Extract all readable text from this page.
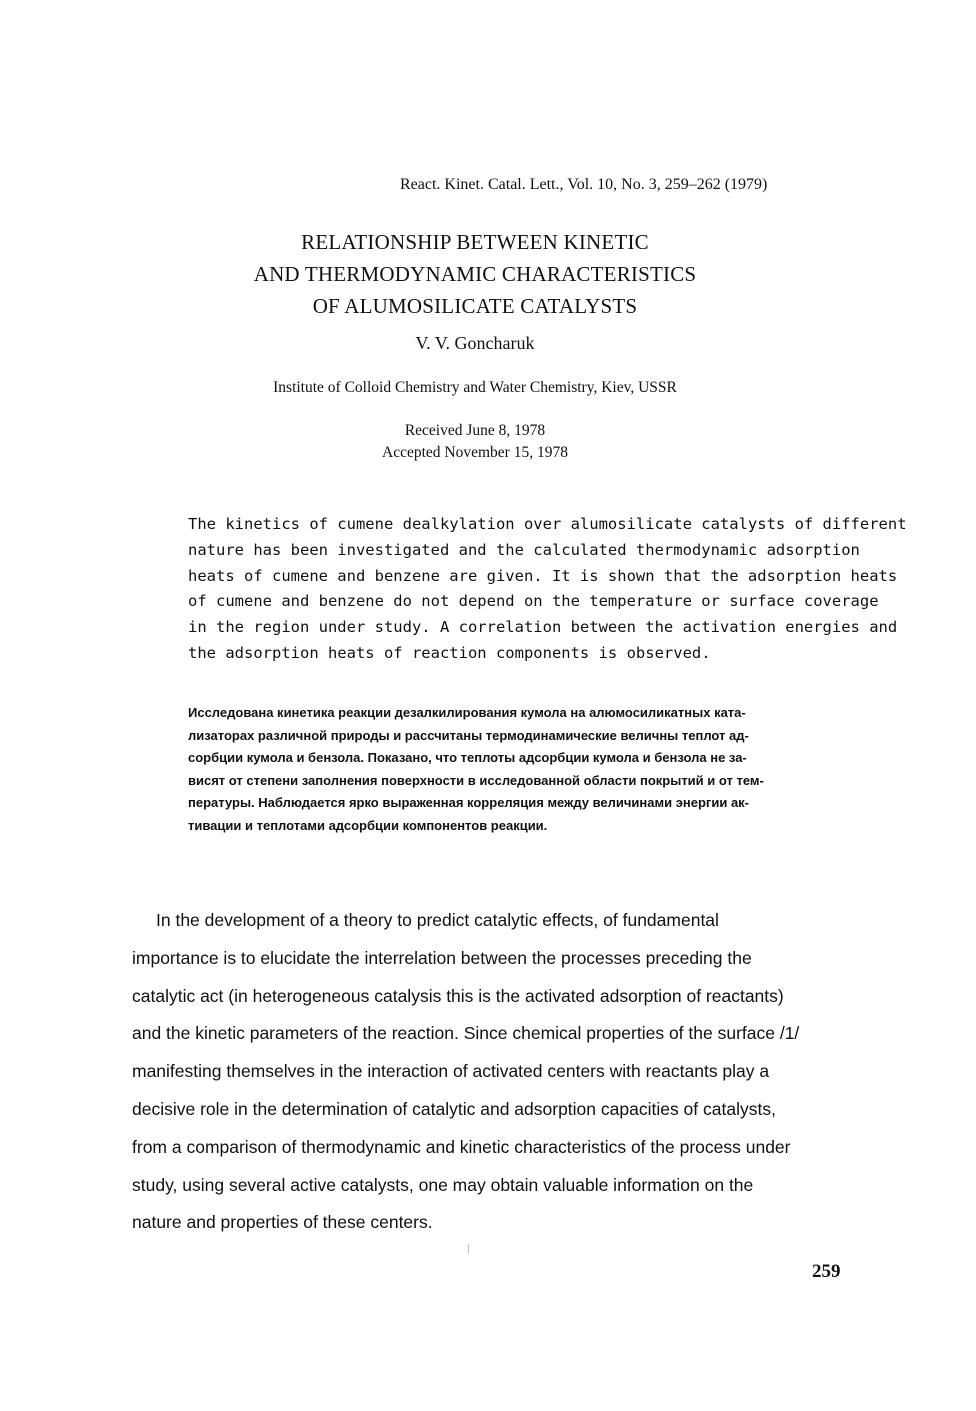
React. Kinet. Catal. Lett., Vol. 10, No. 3, 259–262 (1979)
RELATIONSHIP BETWEEN KINETIC
AND THERMODYNAMIC CHARACTERISTICS
OF ALUMOSILICATE CATALYSTS
V. V. Goncharuk
Institute of Colloid Chemistry and Water Chemistry, Kiev, USSR
Received June 8, 1978
Accepted November 15, 1978
The kinetics of cumene dealkylation over alumosilicate catalysts of different
nature has been investigated and the calculated thermodynamic adsorption
heats of cumene and benzene are given. It is shown that the adsorption heats
of cumene and benzene do not depend on the temperature or surface coverage
in the region under study. A correlation between the activation energies and
the adsorption heats of reaction components is observed.
Исследована кинетика реакции дезалкилирования кумола на алюмосиликатных ката-
лизаторах различной природы и рассчитаны термодинамические величны теплот ад-
сорбции кумола и бензола. Показано, что теплоты адсорбции кумола и бензола не за-
висят от степени заполнения поверхности в исследованной области покрытий и от тем-
пературы. Наблюдается ярко выраженная корреляция между величинами энергии ак-
тивации и теплотами адсорбции компонентов реакции.
In the development of a theory to predict catalytic effects, of fundamental
importance is to elucidate the interrelation between the processes preceding the
catalytic act (in heterogeneous catalysis this is the activated adsorption of reactants)
and the kinetic parameters of the reaction. Since chemical properties of the surface /1/
manifesting themselves in the interaction of activated centers with reactants play a
decisive role in the determination of catalytic and adsorption capacities of catalysts,
from a comparison of thermodynamic and kinetic characteristics of the process under
study, using several active catalysts, one may obtain valuable information on the
nature and properties of these centers.
259
